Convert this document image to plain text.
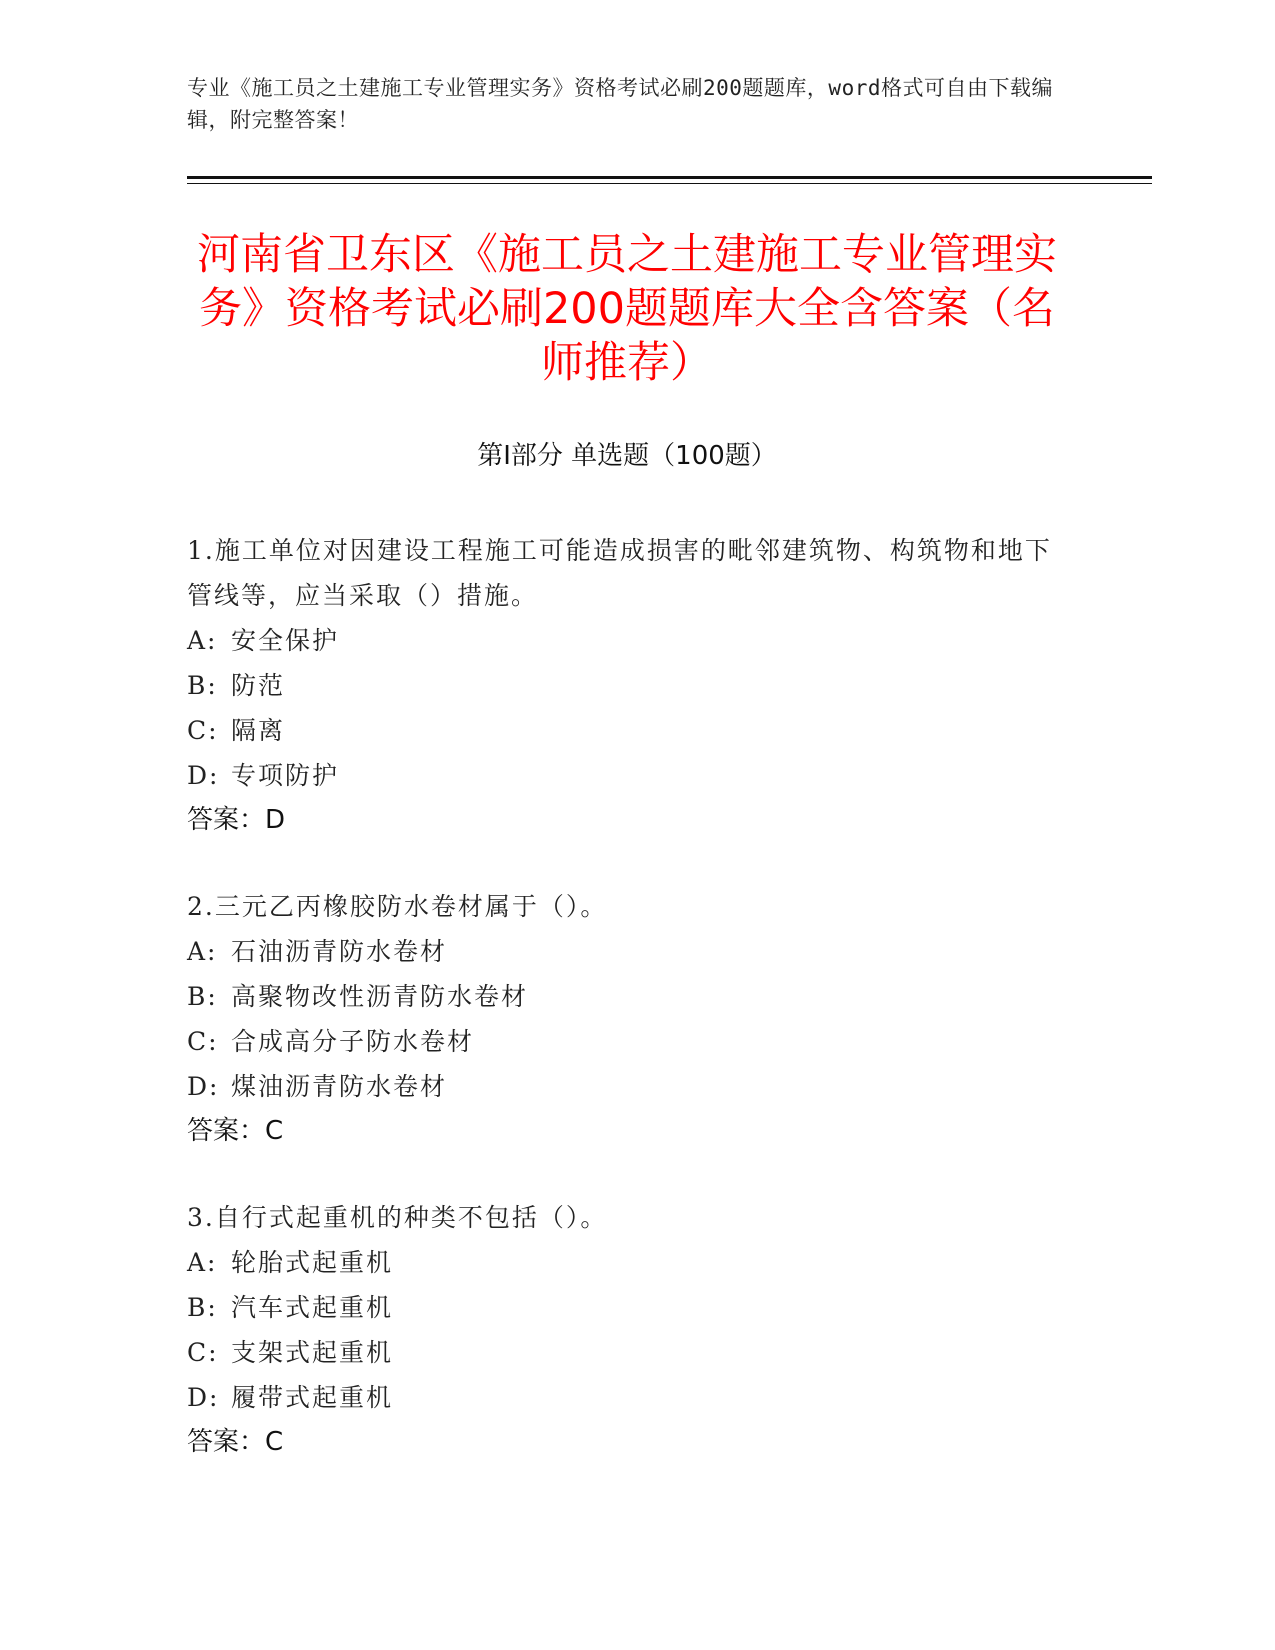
专业《施工员之土建施工专业管理实务》资格考试必刷200题题库，word格式可自由下载编辑，附完整答案！
河南省卫东区《施工员之土建施工专业管理实务》资格考试必刷200题题库大全含答案（名师推荐）
第I部分 单选题（100题）
1.施工单位对因建设工程施工可能造成损害的毗邻建筑物、构筑物和地下管线等，应当采取（）措施。
A: 安全保护
B: 防范
C: 隔离
D: 专项防护
答案：D
2.三元乙丙橡胶防水卷材属于（）。
A: 石油沥青防水卷材
B: 高聚物改性沥青防水卷材
C: 合成高分子防水卷材
D: 煤油沥青防水卷材
答案：C
3.自行式起重机的种类不包括（）。
A: 轮胎式起重机
B: 汽车式起重机
C: 支架式起重机
D: 履带式起重机
答案：C
